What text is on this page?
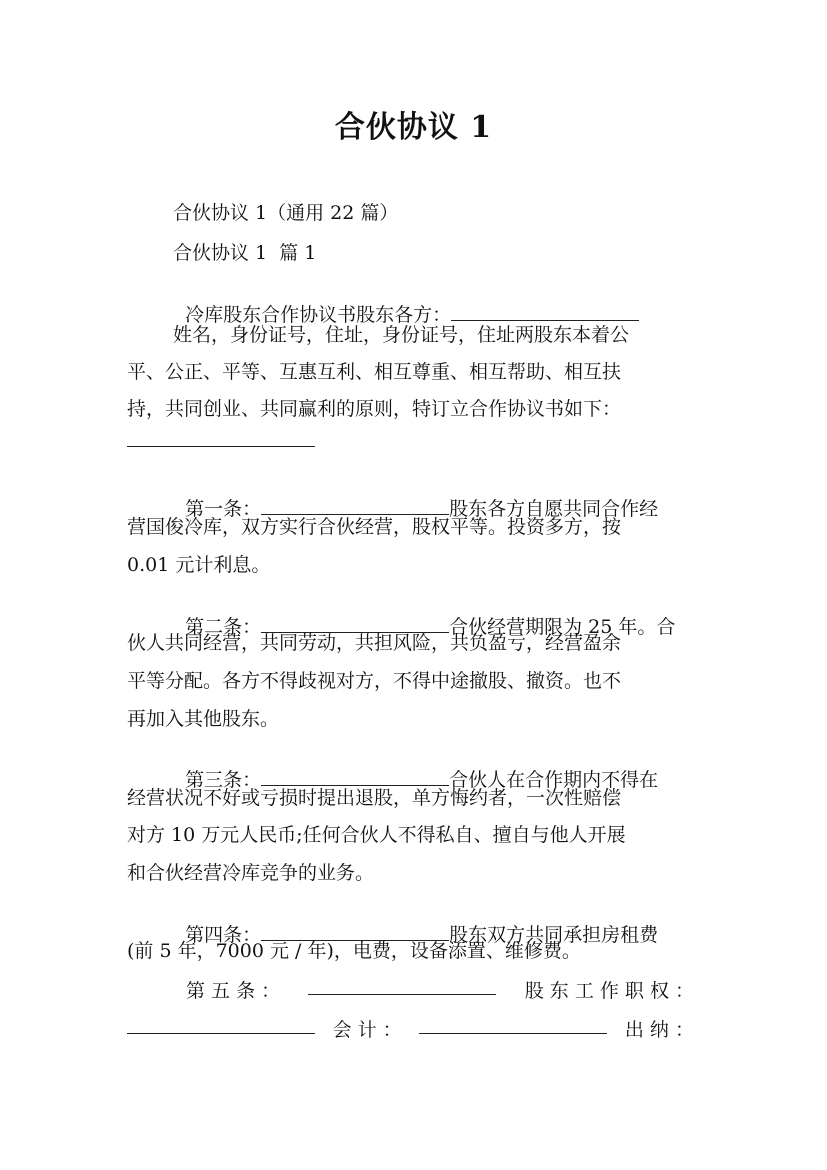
合伙协议 1
合伙协议 1（通用 22 篇）
合伙协议 1  篇 1

冷库股东合作协议书股东各方：

姓名，身份证号，住址，身份证号，住址两股东本着公
平、公正、平等、互惠互利、相互尊重、相互帮助、相互扶
持，共同创业、共同赢利的原则，特订立合作协议书如下：

第一条：	股东各方自愿共同合作经

营国俊冷库，双方实行合伙经营，股权平等。投资多方，按
0.01 元计利息。

第二条：	合伙经营期限为 25 年。合

伙人共同经营，共同劳动，共担风险，共负盈亏，经营盈余
平等分配。各方不得歧视对方，不得中途撤股、撤资。也不
再加入其他股东。

第三条：	合伙人在合作期内不得在

经营状况不好或亏损时提出退股，单方悔约者，一次性赔偿
对方 10 万元人民币;任何合伙人不得私自、擅自与他人开展
和合伙经营冷库竞争的业务。

第四条：	股东双方共同承担房租费

(前 5 年，7000 元 / 年)，电费，设备添置、维修费。
第 五 条 ：	股 东 工 作 职 权 ：
会 计 ：	出 纳 ：
